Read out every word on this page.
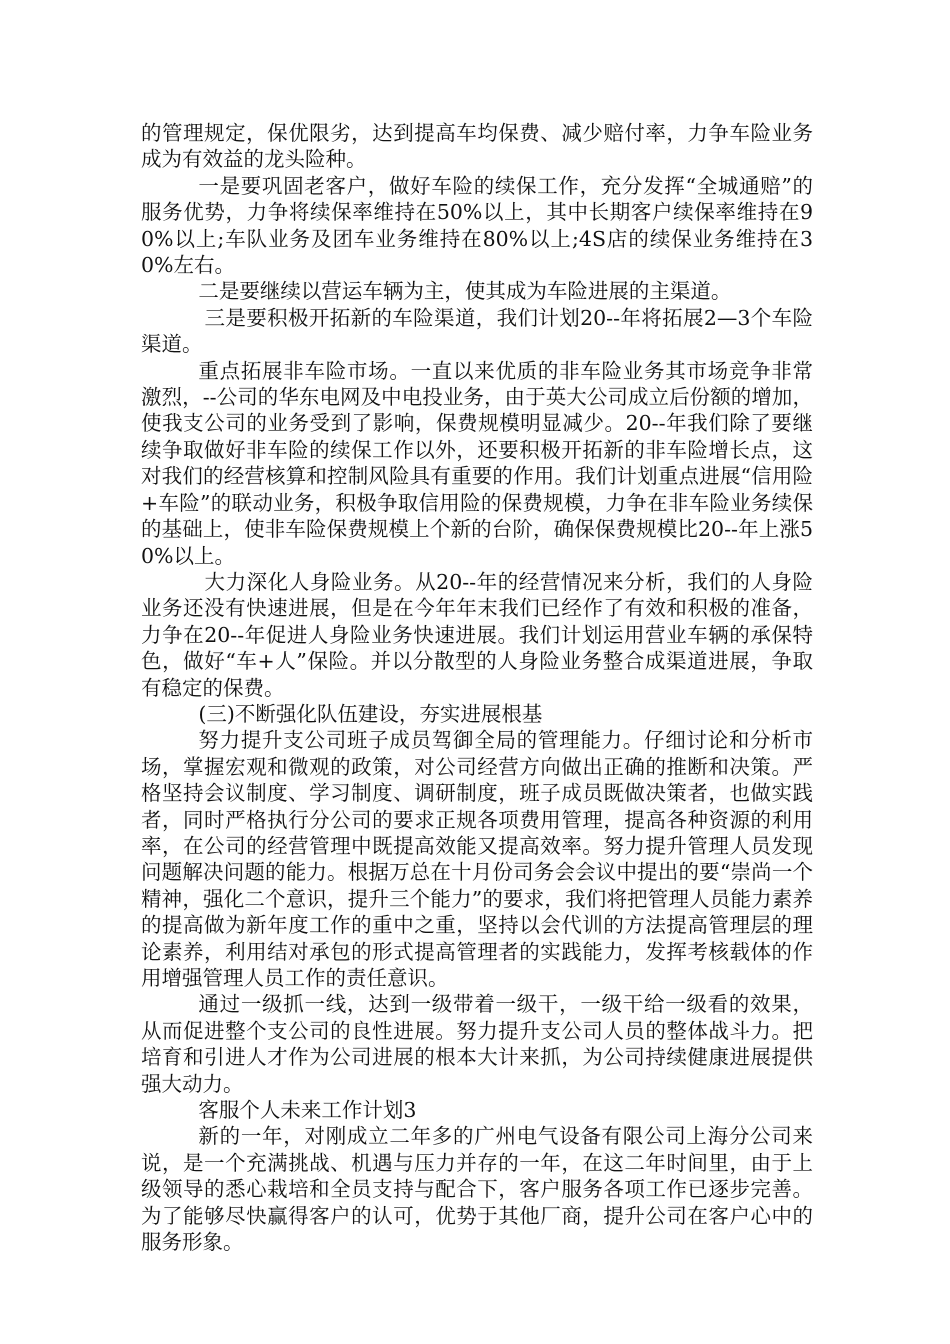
的管理规定，保优限劣，达到提高车均保费、减少赔付率，力争车险业务成为有效益的龙头险种。

一是要巩固老客户，做好车险的续保工作，充分发挥“全城通赔”的服务优势，力争将续保率维持在50%以上，其中长期客户续保率维持在90%以上;车队业务及团车业务维持在80%以上;4S店的续保业务维持在30%左右。

二是要继续以营运车辆为主，使其成为车险进展的主渠道。

三是要积极开拓新的车险渠道，我们计划20--年将拓展2—3个车险渠道。

重点拓展非车险市场。一直以来优质的非车险业务其市场竞争非常激烈，--公司的华东电网及中电投业务，由于英大公司成立后份额的增加，使我支公司的业务受到了影响，保费规模明显减少。20--年我们除了要继续争取做好非车险的续保工作以外，还要积极开拓新的非车险增长点，这对我们的经营核算和控制风险具有重要的作用。我们计划重点进展“信用险+车险”的联动业务，积极争取信用险的保费规模，力争在非车险业务续保的基础上，使非车险保费规模上个新的台阶，确保保费规模比20--年上涨50%以上。

大力深化人身险业务。从20--年的经营情况来分析，我们的人身险业务还没有快速进展，但是在今年年末我们已经作了有效和积极的准备，力争在20--年促进人身险业务快速进展。我们计划运用营业车辆的承保特色，做好“车+人”保险。并以分散型的人身险业务整合成渠道进展，争取有稳定的保费。

(三)不断强化队伍建设，夯实进展根基

努力提升支公司班子成员驾御全局的管理能力。仔细讨论和分析市场，掌握宏观和微观的政策，对公司经营方向做出正确的推断和决策。严格坚持会议制度、学习制度、调研制度，班子成员既做决策者，也做实践者，同时严格执行分公司的要求正规各项费用管理，提高各种资源的利用率，在公司的经营管理中既提高效能又提高效率。努力提升管理人员发现问题解决问题的能力。根据万总在十月份司务会会议中提出的要“崇尚一个精神，强化二个意识，提升三个能力”的要求，我们将把管理人员能力素养的提高做为新年度工作的重中之重，坚持以会代训的方法提高管理层的理论素养，利用结对承包的形式提高管理者的实践能力，发挥考核载体的作用增强管理人员工作的责任意识。

通过一级抓一线，达到一级带着一级干，一级干给一级看的效果，从而促进整个支公司的良性进展。努力提升支公司人员的整体战斗力。把培育和引进人才作为公司进展的根本大计来抓，为公司持续健康进展提供强大动力。

客服个人未来工作计划3

新的一年，对刚成立二年多的广州电气设备有限公司上海分公司来说，是一个充满挑战、机遇与压力并存的一年，在这二年时间里，由于上级领导的悉心栽培和全员支持与配合下，客户服务各项工作已逐步完善。为了能够尽快赢得客户的认可，优势于其他厂商，提升公司在客户心中的服务形象。
